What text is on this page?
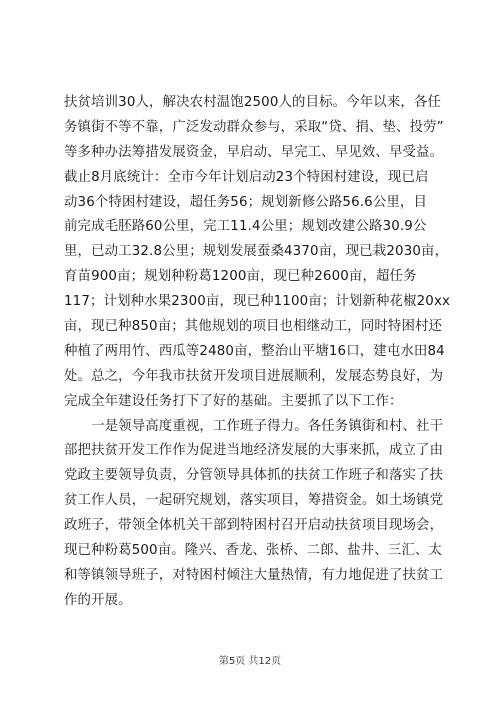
扶贫培训30人，解决农村温饱2500人的目标。今年以来，各任
务镇街不等不靠，广泛发动群众参与，采取“贷、捐、垫、投劳”
等多种办法筹措发展资金，早启动、早完工、早见效、早受益。
截止8月底统计：全市今年计划启动23个特困村建设，现已启
动36个特困村建设，超任务56；规划新修公路56.6公里，目
前完成毛胚路60公里，完工11.4公里；规划改建公路30.9公
里，已动工32.8公里；规划发展蚕桑4370亩，现已栽2030亩，
育苗900亩；规划种粉葛1200亩，现已种2600亩，超任务
117；计划种水果2300亩，现已种1100亩；计划新种花椒20xx
亩，现已种850亩；其他规划的项目也相继动工，同时特困村还
种植了两用竹、西瓜等2480亩，整治山平塘16口，建屯水田84
处。总之，今年我市扶贫开发项目进展顺利，发展态势良好，为
完成全年建设任务打下了好的基础。主要抓了以下工作：
　　一是领导高度重视，工作班子得力。各任务镇街和村、社干
部把扶贫开发工作作为促进当地经济发展的大事来抓，成立了由
党政主要领导负责，分管领导具体抓的扶贫工作班子和落实了扶
贫工作人员，一起研究规划，落实项目，筹措资金。如土场镇党
政班子，带领全体机关干部到特困村召开启动扶贫项目现场会，
现已种粉葛500亩。隆兴、香龙、张桥、二郎、盐井、三汇、太
和等镇领导班子，对特困村倾注大量热情，有力地促进了扶贫工
作的开展。
第5页 共12页
